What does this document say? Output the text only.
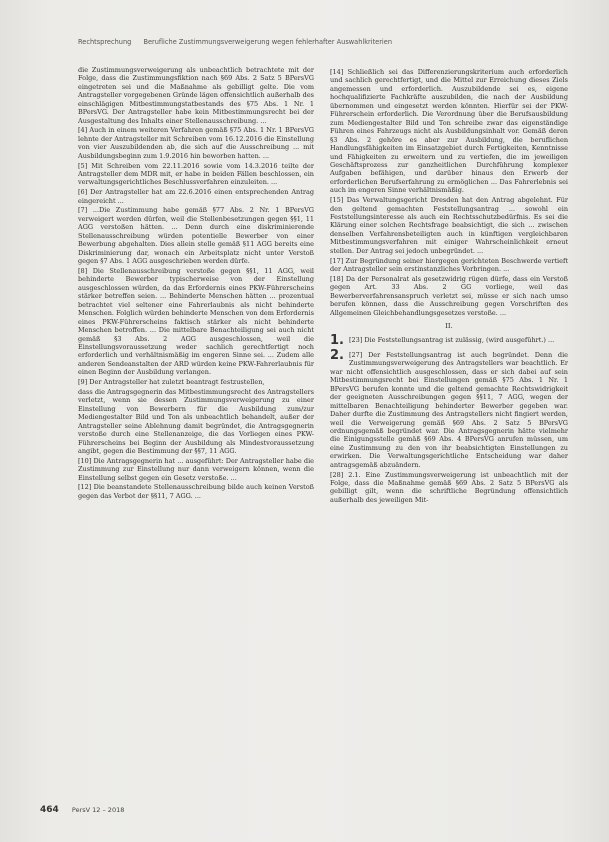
Rechtsprechung Berufliche Zustimmungsverweigerung wegen fehlerhafter Auswahlkriterien

die Zustimmungsverweigerung als unbeachtlich betrachtete mit der Folge, dass die Zustimmungsfiktion nach §69 Abs. 2 Satz 5 BPersVG eingetreten sei und die Maßnahme als gebilligt gelte. Die vom Antragsteller vorgegebenen Gründe lägen offensichtlich außerhalb des einschlägigen Mitbestimmungstatbestands des §75 Abs. 1 Nr. 1 BPersVG. Der Antragsteller habe kein Mitbestimmungsrecht bei der Ausgestaltung des Inhalts einer Stellenausschreibung. ...

[4] Auch in einem weiteren Verfahren gemäß §75 Abs. 1 Nr. 1 BPersVG lehnte der Antragsteller mit Schreiben vom 16.12.2016 die Einstellung von vier Auszubildenden ab, die sich auf die Ausschreibung ... mit Ausbildungsbeginn zum 1.9.2016 hin beworben hatten. ...

[5] Mit Schreiben vom 22.11.2016 sowie vom 14.3.2016 teilte der Antragsteller dem MDR mit, er habe in beiden Fällen beschlossen, ein verwaltungsgerichtliches Beschlussverfahren einzuleiten. ...

[6] Der Antragsteller hat am 22.6.2016 einen entsprechenden Antrag eingereicht ...

[7] ...Die Zustimmung habe gemäß §77 Abs. 2 Nr. 1 BPersVG verweigert werden dürfen, weil die Stellenbesetzungen gegen §§1, 11 AGG verstoßen hätten. ... Denn durch eine diskriminierende Stellenausschreibung würden potentielle Bewerber von einer Bewerbung abgehalten. Dies allein stelle gemäß §11 AGG bereits eine Diskriminierung dar, wonach ein Arbeitsplatz nicht unter Verstoß gegen §7 Abs. 1 AGG ausgeschrieben werden dürfe.

[8] Die Stellenausschreibung verstoße gegen §§1, 11 AGG, weil behinderte Bewerber typischerweise von der Einstellung ausgeschlossen würden, da das Erfordernis eines PKW-Führerscheins stärker betreffen seien. ... Behinderte Menschen hätten ... prozentual betrachtet viel seltener eine Fahrerlaubnis als nicht behinderte Menschen. Folglich würden behinderte Menschen von dem Erfordernis eines PKW-Führerscheins faktisch stärker als nicht behinderte Menschen betroffen. ... Die mittelbare Benachteiligung sei auch nicht gemäß §3 Abs. 2 AGG ausgeschlossen, weil die Einstellungsvoraussetzung weder sachlich gerechtfertigt noch erforderlich und verhältnismäßig im engeren Sinne sei. ... Zudem alle anderen Sendeanstalten der ARD würden keine PKW-Fahrerlaubnis für einen Beginn der Ausbildung verlangen.

[9] Der Antragsteller hat zuletzt beantragt festzustellen,

dass die Antragsgegnerin das Mitbestimmungsrecht des Antragstellers verletzt, wenn sie dessen Zustimmungsverweigerung zu einer Einstellung von Bewerbern für die Ausbildung zum/zur Mediengestalter Bild und Ton als unbeachtlich behandelt, außer der Antragsteller seine Ablehnung damit begründet, die Antragsgegnerin verstoße durch eine Stellenanzeige, die das Vorliegen eines PKW-Führerscheins bei Beginn der Ausbildung als Mindestvoraussetzung angibt, gegen die Bestimmung der §§7, 11 AGG.

[10] Die Antragsgegnerin hat ... ausgeführt: Der Antragsteller habe die Zustimmung zur Einstellung nur dann verweigern können, wenn die Einstellung selbst gegen ein Gesetz verstoße. ...

[12] Die beanstandete Stellenausschreibung bilde auch keinen Verstoß gegen das Verbot der §§11, 7 AGG. ...

[14] Schließlich sei das Differenzierungskriterium auch erforderlich und sachlich gerechtfertigt, und die Mittel zur Erreichung dieses Ziels angemessen und erforderlich. Auszubildende sei es, eigene hochqualifizierte Fachkräfte auszubilden, die nach der Ausbildung übernommen und eingesetzt werden könnten. Hierfür sei der PKW-Führerschein erforderlich. Die Verordnung über die Berufsausbildung zum Mediengestalter Bild und Ton schreibe zwar das eigenständige Führen eines Fahrzeugs nicht als Ausbildungsinhalt vor. Gemäß deren §3 Abs. 2 gehöre es aber zur Ausbildung, die beruflichen Handlungsfähigkeiten im Einsatzgebiet durch Fertigkeiten, Kenntnisse und Fähigkeiten zu erweitern und zu vertiefen, die im jeweiligen Geschäftsprozess zur ganzheitlichen Durchführung komplexer Aufgaben befähigen, und darüber hinaus den Erwerb der erforderlichen Berufserfahrung zu ermöglichen ... Das Fahrerlebnis sei auch im engeren Sinne verhältnismäßig.

[15] Das Verwaltungsgericht Dresden hat den Antrag abgelehnt. Für den geltend gemachten Feststellungsantrag ... sowohl ein Feststellungsinteresse als auch ein Rechtsschutzbedürfnis. Es sei die Klärung einer solchen Rechtsfrage beabsichtigt, die sich ... zwischen denselben Verfahrensbeteiligten auch in künftigen vergleichbaren Mitbestimmungsverfahren mit einiger Wahrscheinlichkeit erneut stellen. Der Antrag sei jedoch unbegründet. ...

[17] Zur Begründung seiner hiergegen gerichteten Beschwerde vertieft der Antragsteller sein erstinstanzliches Vorbringen. ...

[18] Da der Personalrat als gesetzwidrig rügen dürfe, dass ein Verstoß gegen Art. 33 Abs. 2 GG vorliege, weil das Bewerberverfahrensanspruch verletzt sei, müsse er sich nach umso berufen können, dass die Ausschreibung gegen Vorschriften des Allgemeinen Gleichbehandlungsgesetzes verstoße. ...

II.

1. [23] Die Feststellungsantrag ist zulässig, (wird ausgeführt.) ...

2. [27] Der Feststellungsantrag ist auch begründet. Denn die Zustimmungsverweigerung des Antragstellers war beachtlich. Er war nicht offensichtlich ausgeschlossen, dass er sich dabei auf sein Mitbestimmungsrecht bei Einstellungen gemäß §75 Abs. 1 Nr. 1 BPersVG berufen konnte und die geltend gemachte Rechtswidrigkeit der geeigneten Ausschreibungen gegen §§11, 7 AGG, wegen der mittelbaren Benachteiligung behinderter Bewerber gegeben war. Daher durfte die Zustimmung des Antragstellers nicht fingiert werden, weil die Verweigerung gemäß §69 Abs. 2 Satz 5 BPersVG ordnungsgemäß begründet war. Die Antragsgegnerin hätte vielmehr die Einigungsstelle gemäß §69 Abs. 4 BPersVG anrufen müssen, um eine Zustimmung zu den von ihr beabsichtigten Einstellungen zu erwirken. Die Verwaltungsgerichtliche Entscheidung war daher antragsgemäß abzuändern.

[28] 2.1. Eine Zustimmungsverweigerung ist unbeachtlich mit der Folge, dass die Maßnahme gemäß §69 Abs. 2 Satz 5 BPersVG als gebilligt gilt, wenn die schriftliche Begründung offensichtlich außerhalb des jeweiligen Mit-

464 PersV 12 – 2018
